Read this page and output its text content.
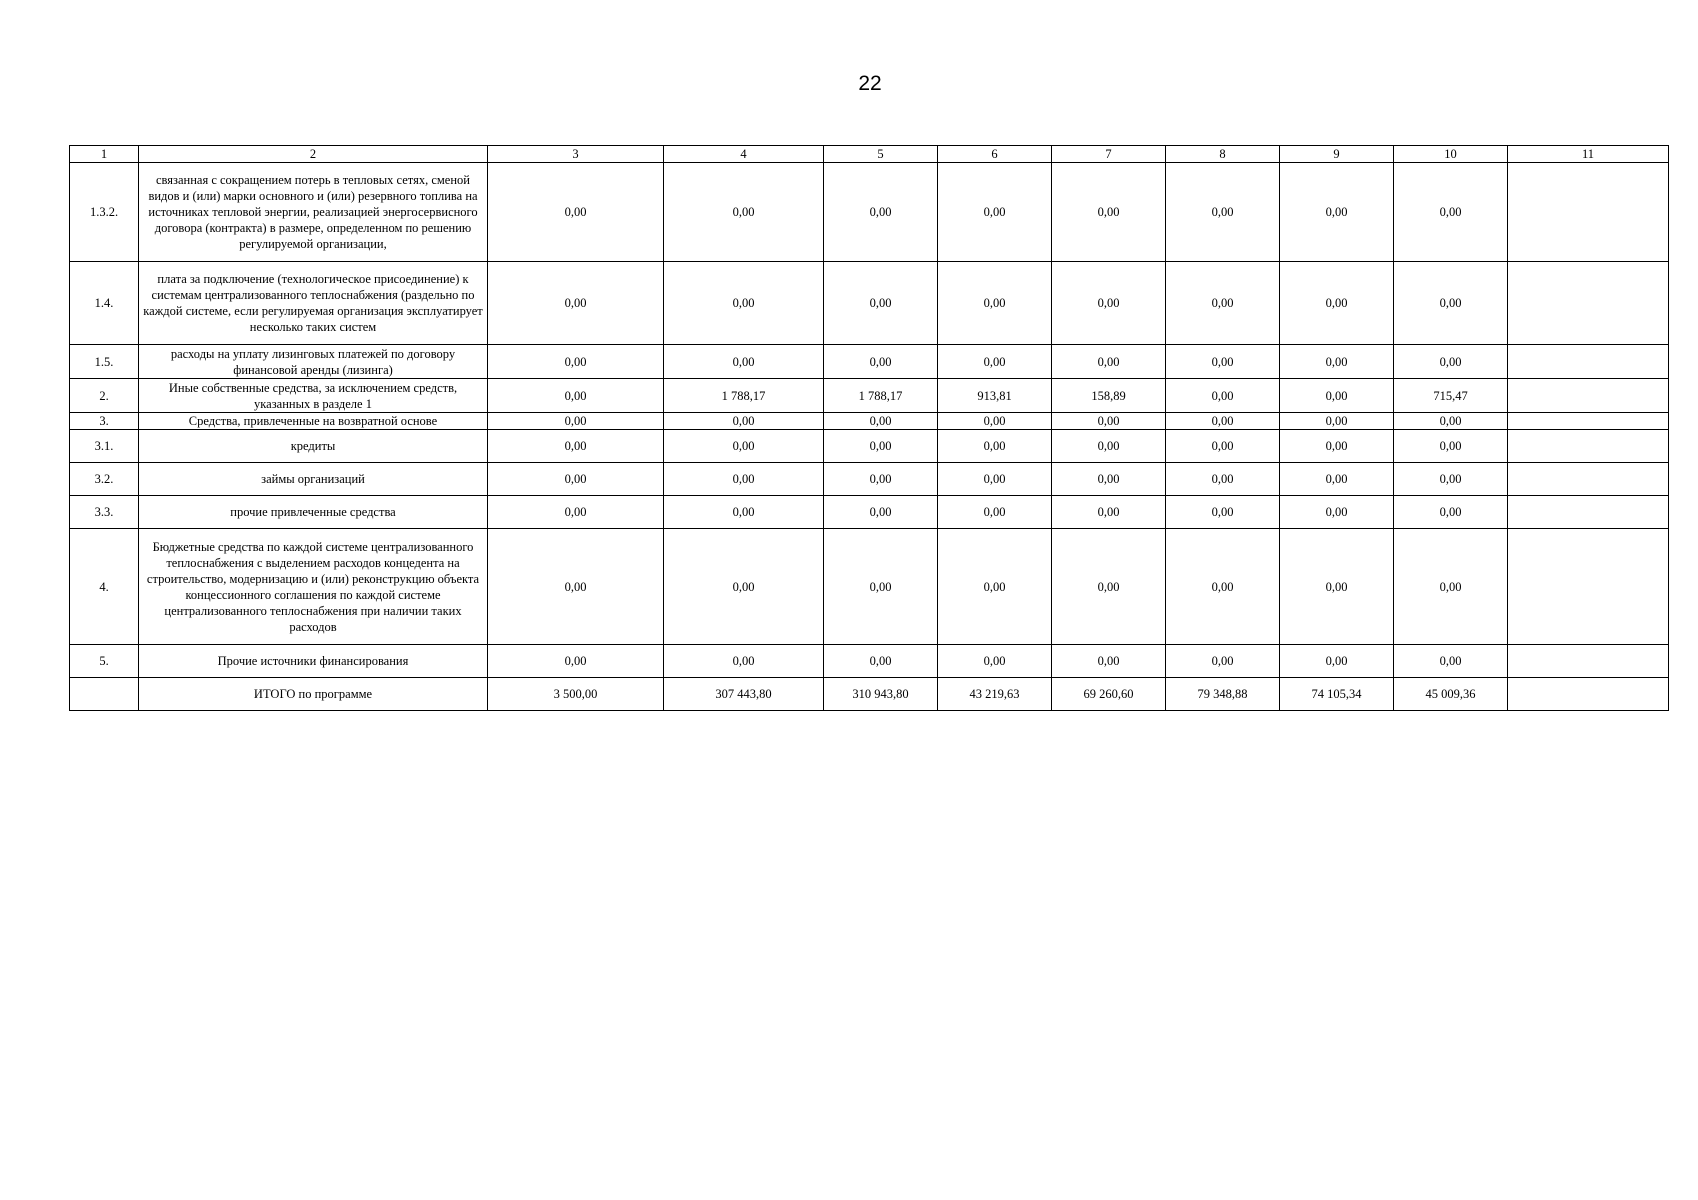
22
1	2	3	4	5	6	7	8	9	10	11
1.3.2.	связанная с сокращением потерь в тепловых сетях, сменой видов и (или) марки основного и (или) резервного топлива на источниках тепловой энергии, реализацией энергосервисного договора (контракта) в размере, определенном по решению регулируемой организации,	0,00	0,00	0,00	0,00	0,00	0,00	0,00	0,00	
1.4.	плата за подключение (технологическое присоединение) к системам централизованного теплоснабжения (раздельно по каждой системе, если регулируемая организация эксплуатирует несколько таких систем	0,00	0,00	0,00	0,00	0,00	0,00	0,00	0,00	
1.5.	расходы на уплату лизинговых платежей по договору финансовой аренды (лизинга)	0,00	0,00	0,00	0,00	0,00	0,00	0,00	0,00	
2.	Иные собственные средства, за исключением средств, указанных в разделе 1	0,00	1 788,17	1 788,17	913,81	158,89	0,00	0,00	715,47	
3.	Средства, привлеченные на возвратной основе	0,00	0,00	0,00	0,00	0,00	0,00	0,00	0,00	
3.1.	кредиты	0,00	0,00	0,00	0,00	0,00	0,00	0,00	0,00	
3.2.	займы организаций	0,00	0,00	0,00	0,00	0,00	0,00	0,00	0,00	
3.3.	прочие привлеченные средства	0,00	0,00	0,00	0,00	0,00	0,00	0,00	0,00	
4.	Бюджетные средства по каждой системе централизованного теплоснабжения с выделением расходов концедента на строительство, модернизацию и (или) реконструкцию объекта концессионного соглашения по каждой системе централизованного теплоснабжения при наличии таких расходов	0,00	0,00	0,00	0,00	0,00	0,00	0,00	0,00	
5.	Прочие источники финансирования	0,00	0,00	0,00	0,00	0,00	0,00	0,00	0,00	
	ИТОГО по программе	3 500,00	307 443,80	310 943,80	43 219,63	69 260,60	79 348,88	74 105,34	45 009,36	
